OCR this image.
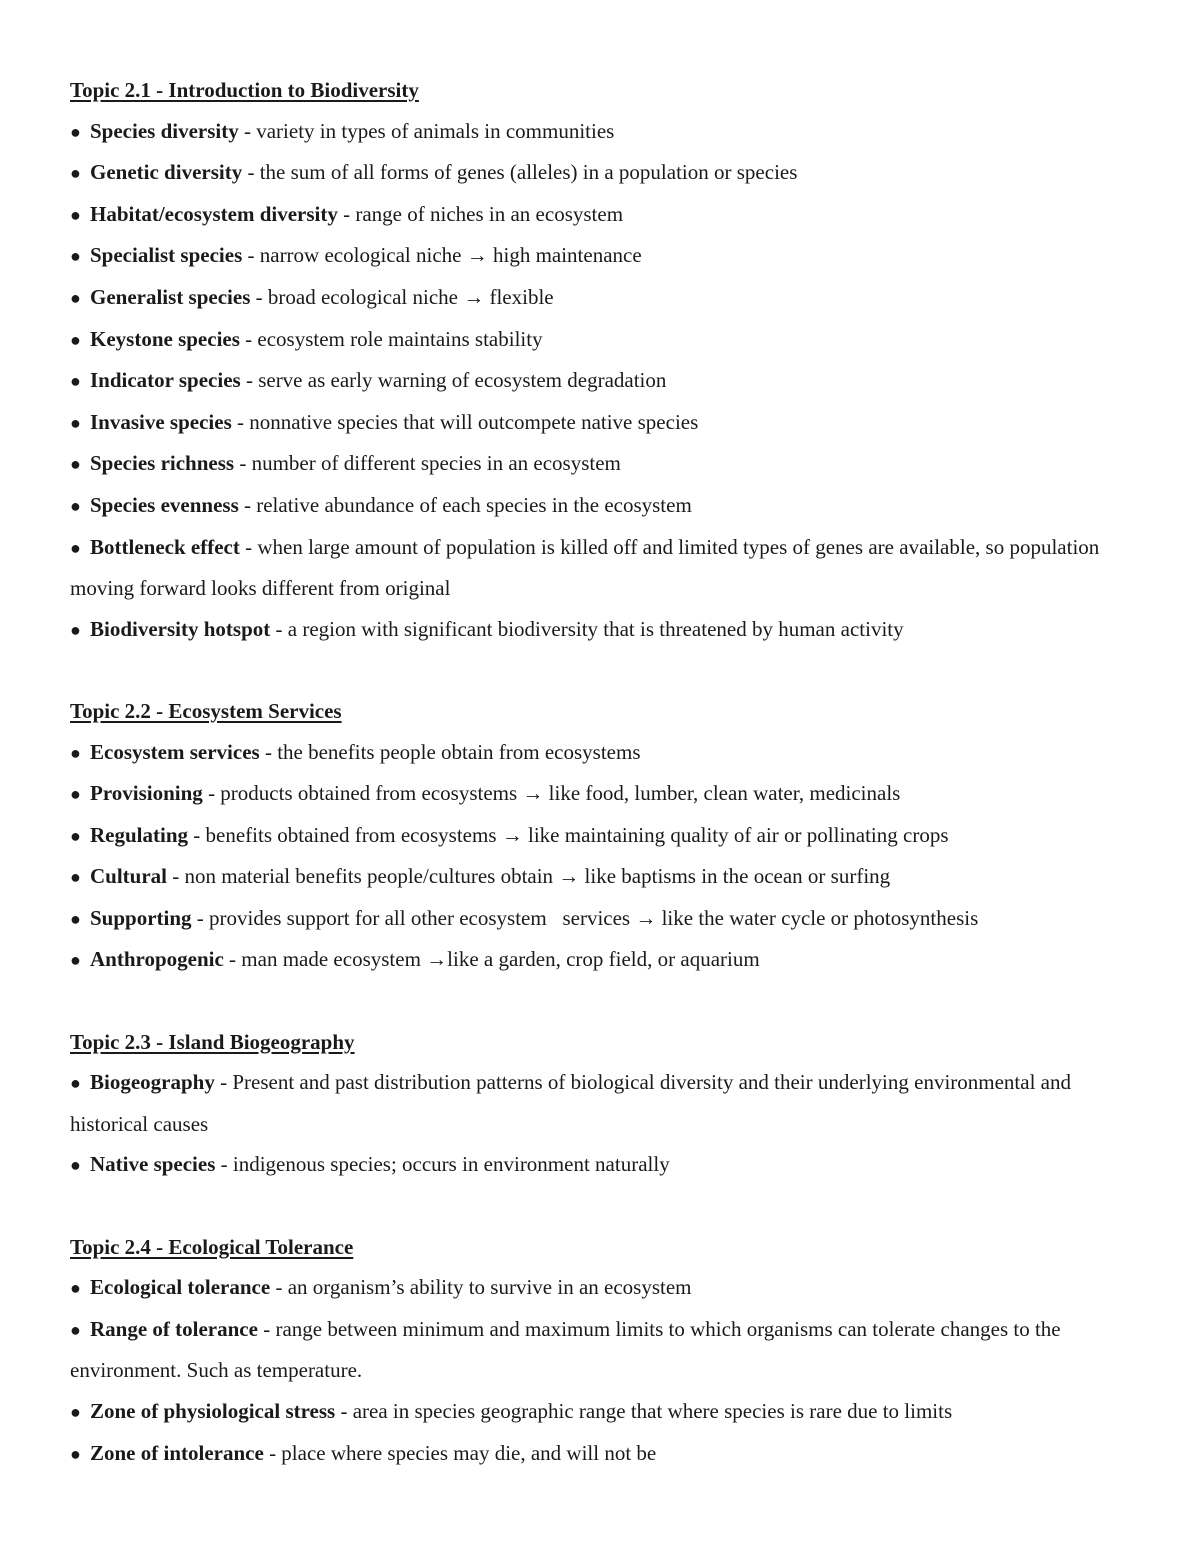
Topic 2.1 - Introduction to Biodiversity

● Species diversity - variety in types of animals in communities

● Genetic diversity - the sum of all forms of genes (alleles) in a population or species

● Habitat/ecosystem diversity - range of niches in an ecosystem

● Specialist species - narrow ecological niche → high maintenance

● Generalist species - broad ecological niche → flexible

● Keystone species - ecosystem role maintains stability

● Indicator species - serve as early warning of ecosystem degradation

● Invasive species - nonnative species that will outcompete native species

● Species richness - number of different species in an ecosystem

● Species evenness - relative abundance of each species in the ecosystem

● Bottleneck effect - when large amount of population is killed off and limited types of genes are available, so population moving forward looks different from original

● Biodiversity hotspot - a region with significant biodiversity that is threatened by human activity

Topic 2.2 - Ecosystem Services

● Ecosystem services - the benefits people obtain from ecosystems

● Provisioning - products obtained from ecosystems → like food, lumber, clean water, medicinals

● Regulating - benefits obtained from ecosystems → like maintaining quality of air or pollinating crops

● Cultural - non material benefits people/cultures obtain → like baptisms in the ocean or surfing

● Supporting - provides support for all other ecosystem   services → like the water cycle or photosynthesis

● Anthropogenic - man made ecosystem →like a garden, crop field, or aquarium

Topic 2.3 - Island Biogeography

● Biogeography - Present and past distribution patterns of biological diversity and their underlying environmental and historical causes

● Native species - indigenous species; occurs in environment naturally

Topic 2.4 - Ecological Tolerance

● Ecological tolerance - an organism’s ability to survive in an ecosystem

● Range of tolerance - range between minimum and maximum limits to which organisms can tolerate changes to the environment. Such as temperature.

● Zone of physiological stress - area in species geographic range that where species is rare due to limits

● Zone of intolerance - place where species may die, and will not be
